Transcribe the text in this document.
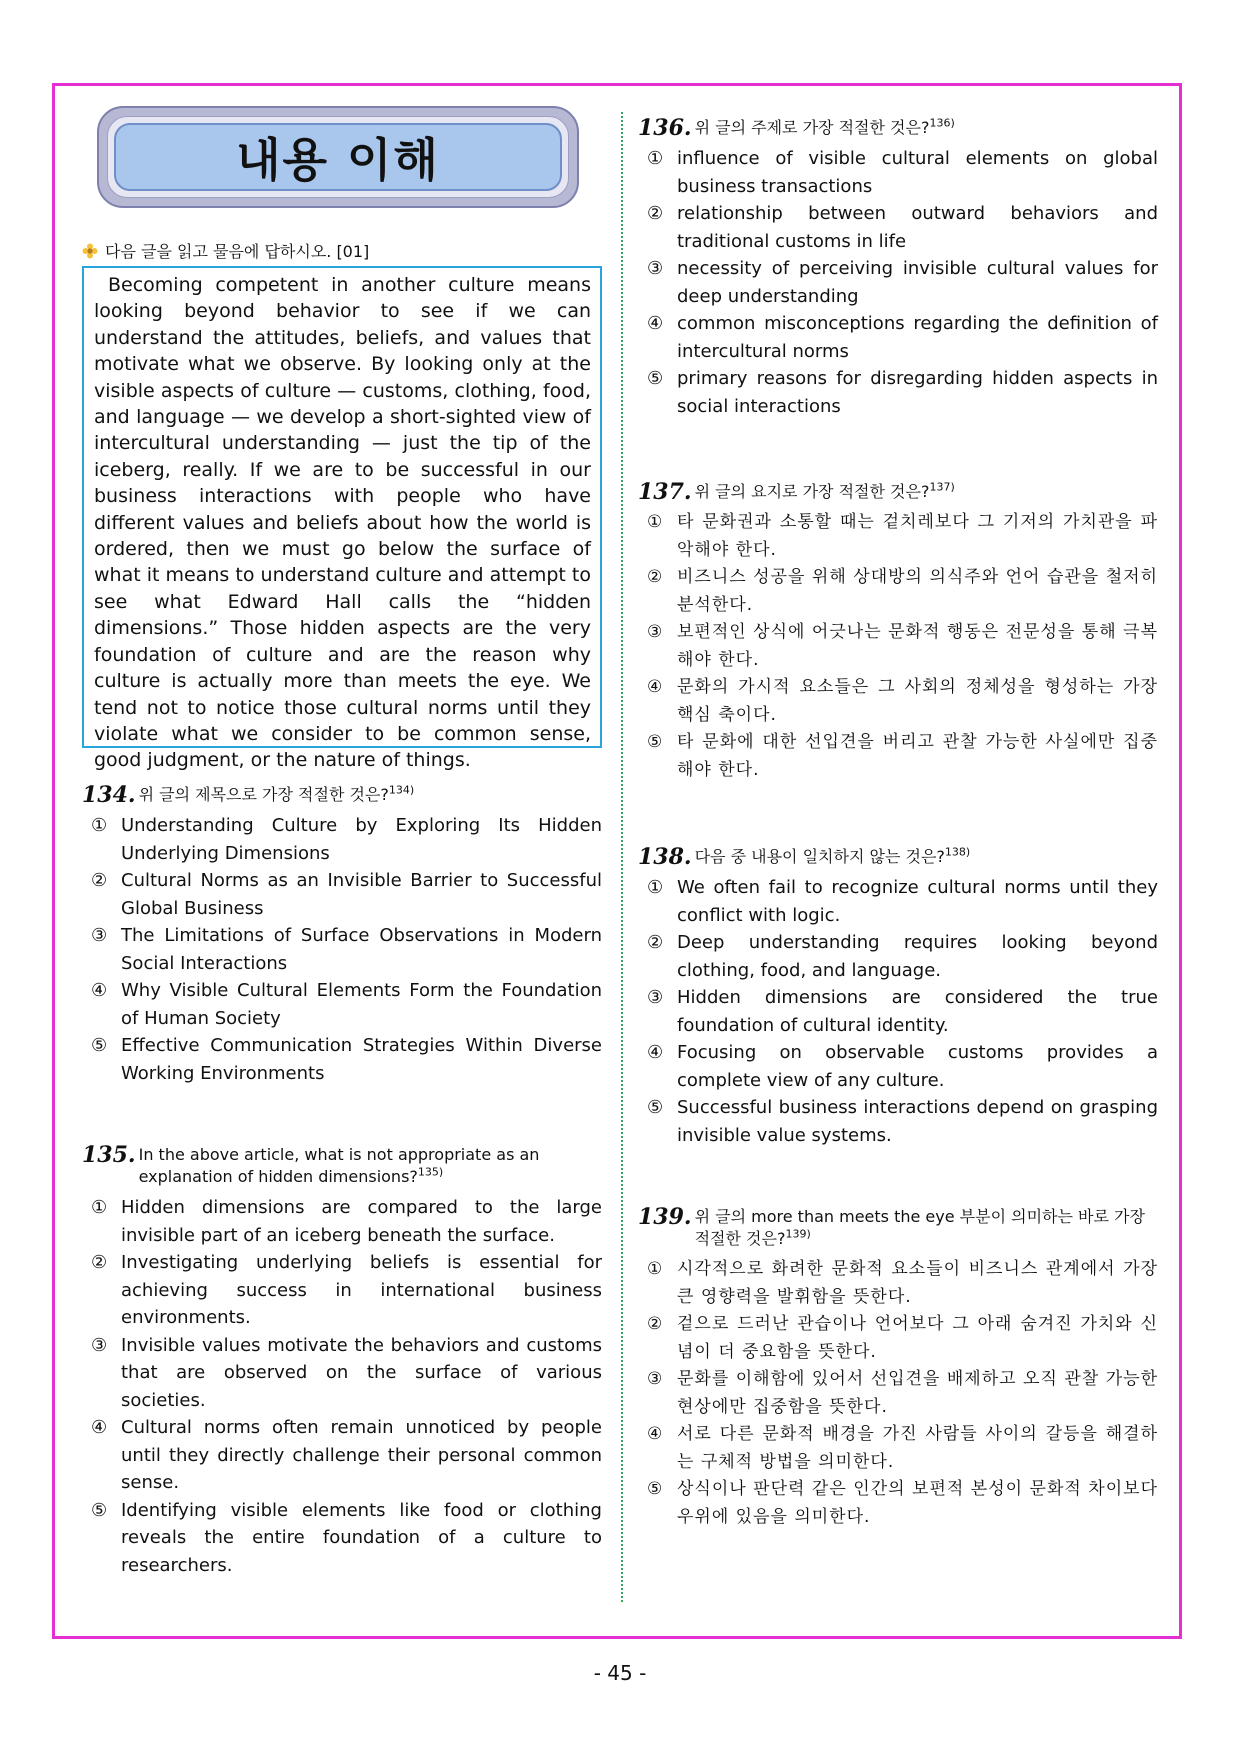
내용 이해
다음 글을 읽고 물음에 답하시오. [01]

Becoming competent in another culture means looking beyond behavior to see if we can understand the attitudes, beliefs, and values that motivate what we observe. By looking only at the visible aspects of culture — customs, clothing, food, and language — we develop a short-sighted view of intercultural understanding — just the tip of the iceberg, really. If we are to be successful in our business interactions with people who have different values and beliefs about how the world is ordered, then we must go below the surface of what it means to understand culture and attempt to see what Edward Hall calls the “hidden dimensions.” Those hidden aspects are the very foundation of culture and are the reason why culture is actually more than meets the eye. We tend not to notice those cultural norms until they violate what we consider to be common sense, good judgment, or the nature of things.

134. 위 글의 제목으로 가장 적절한 것은?$^{134)}$
① Understanding Culture by Exploring Its Hidden Underlying Dimensions
② Cultural Norms as an Invisible Barrier to Successful Global Business
③ The Limitations of Surface Observations in Modern Social Interactions
④ Why Visible Cultural Elements Form the Foundation of Human Society
⑤ Effective Communication Strategies Within Diverse Working Environments
135. In the above article, what is not appropriate as an explanation of hidden dimensions?$^{135)}$
① Hidden dimensions are compared to the large invisible part of an iceberg beneath the surface.
② Investigating underlying beliefs is essential for achieving success in international business environments.
③ Invisible values motivate the behaviors and customs that are observed on the surface of various societies.
④ Cultural norms often remain unnoticed by people until they directly challenge their personal common sense.
⑤ Identifying visible elements like food or clothing reveals the entire foundation of a culture to researchers.
136. 위 글의 주제로 가장 적절한 것은?$^{136)}$
① influence of visible cultural elements on global business transactions
② relationship between outward behaviors and traditional customs in life
③ necessity of perceiving invisible cultural values for deep understanding
④ common misconceptions regarding the definition of intercultural norms
⑤ primary reasons for disregarding hidden aspects in social interactions
137. 위 글의 요지로 가장 적절한 것은?$^{137)}$
① 타 문화권과 소통할 때는 겉치레보다 그 기저의 가치관을 파악해야 한다.
② 비즈니스 성공을 위해 상대방의 의식주와 언어 습관을 철저히 분석한다.
③ 보편적인 상식에 어긋나는 문화적 행동은 전문성을 통해 극복해야 한다.
④ 문화의 가시적 요소들은 그 사회의 정체성을 형성하는 가장 핵심 축이다.
⑤ 타 문화에 대한 선입견을 버리고 관찰 가능한 사실에만 집중해야 한다.
138. 다음 중 내용이 일치하지 않는 것은?$^{138)}$
① We often fail to recognize cultural norms until they conflict with logic.
② Deep understanding requires looking beyond clothing, food, and language.
③ Hidden dimensions are considered the true foundation of cultural identity.
④ Focusing on observable customs provides a complete view of any culture.
⑤ Successful business interactions depend on grasping invisible value systems.
139. 위 글의 more than meets the eye 부분이 의미하는 바로 가장 적절한 것은?$^{139)}$
① 시각적으로 화려한 문화적 요소들이 비즈니스 관계에서 가장 큰 영향력을 발휘함을 뜻한다.
② 겉으로 드러난 관습이나 언어보다 그 아래 숨겨진 가치와 신념이 더 중요함을 뜻한다.
③ 문화를 이해함에 있어서 선입견을 배제하고 오직 관찰 가능한 현상에만 집중함을 뜻한다.
④ 서로 다른 문화적 배경을 가진 사람들 사이의 갈등을 해결하는 구체적 방법을 의미한다.
⑤ 상식이나 판단력 같은 인간의 보편적 본성이 문화적 차이보다 우위에 있음을 의미한다.
- 45 -
